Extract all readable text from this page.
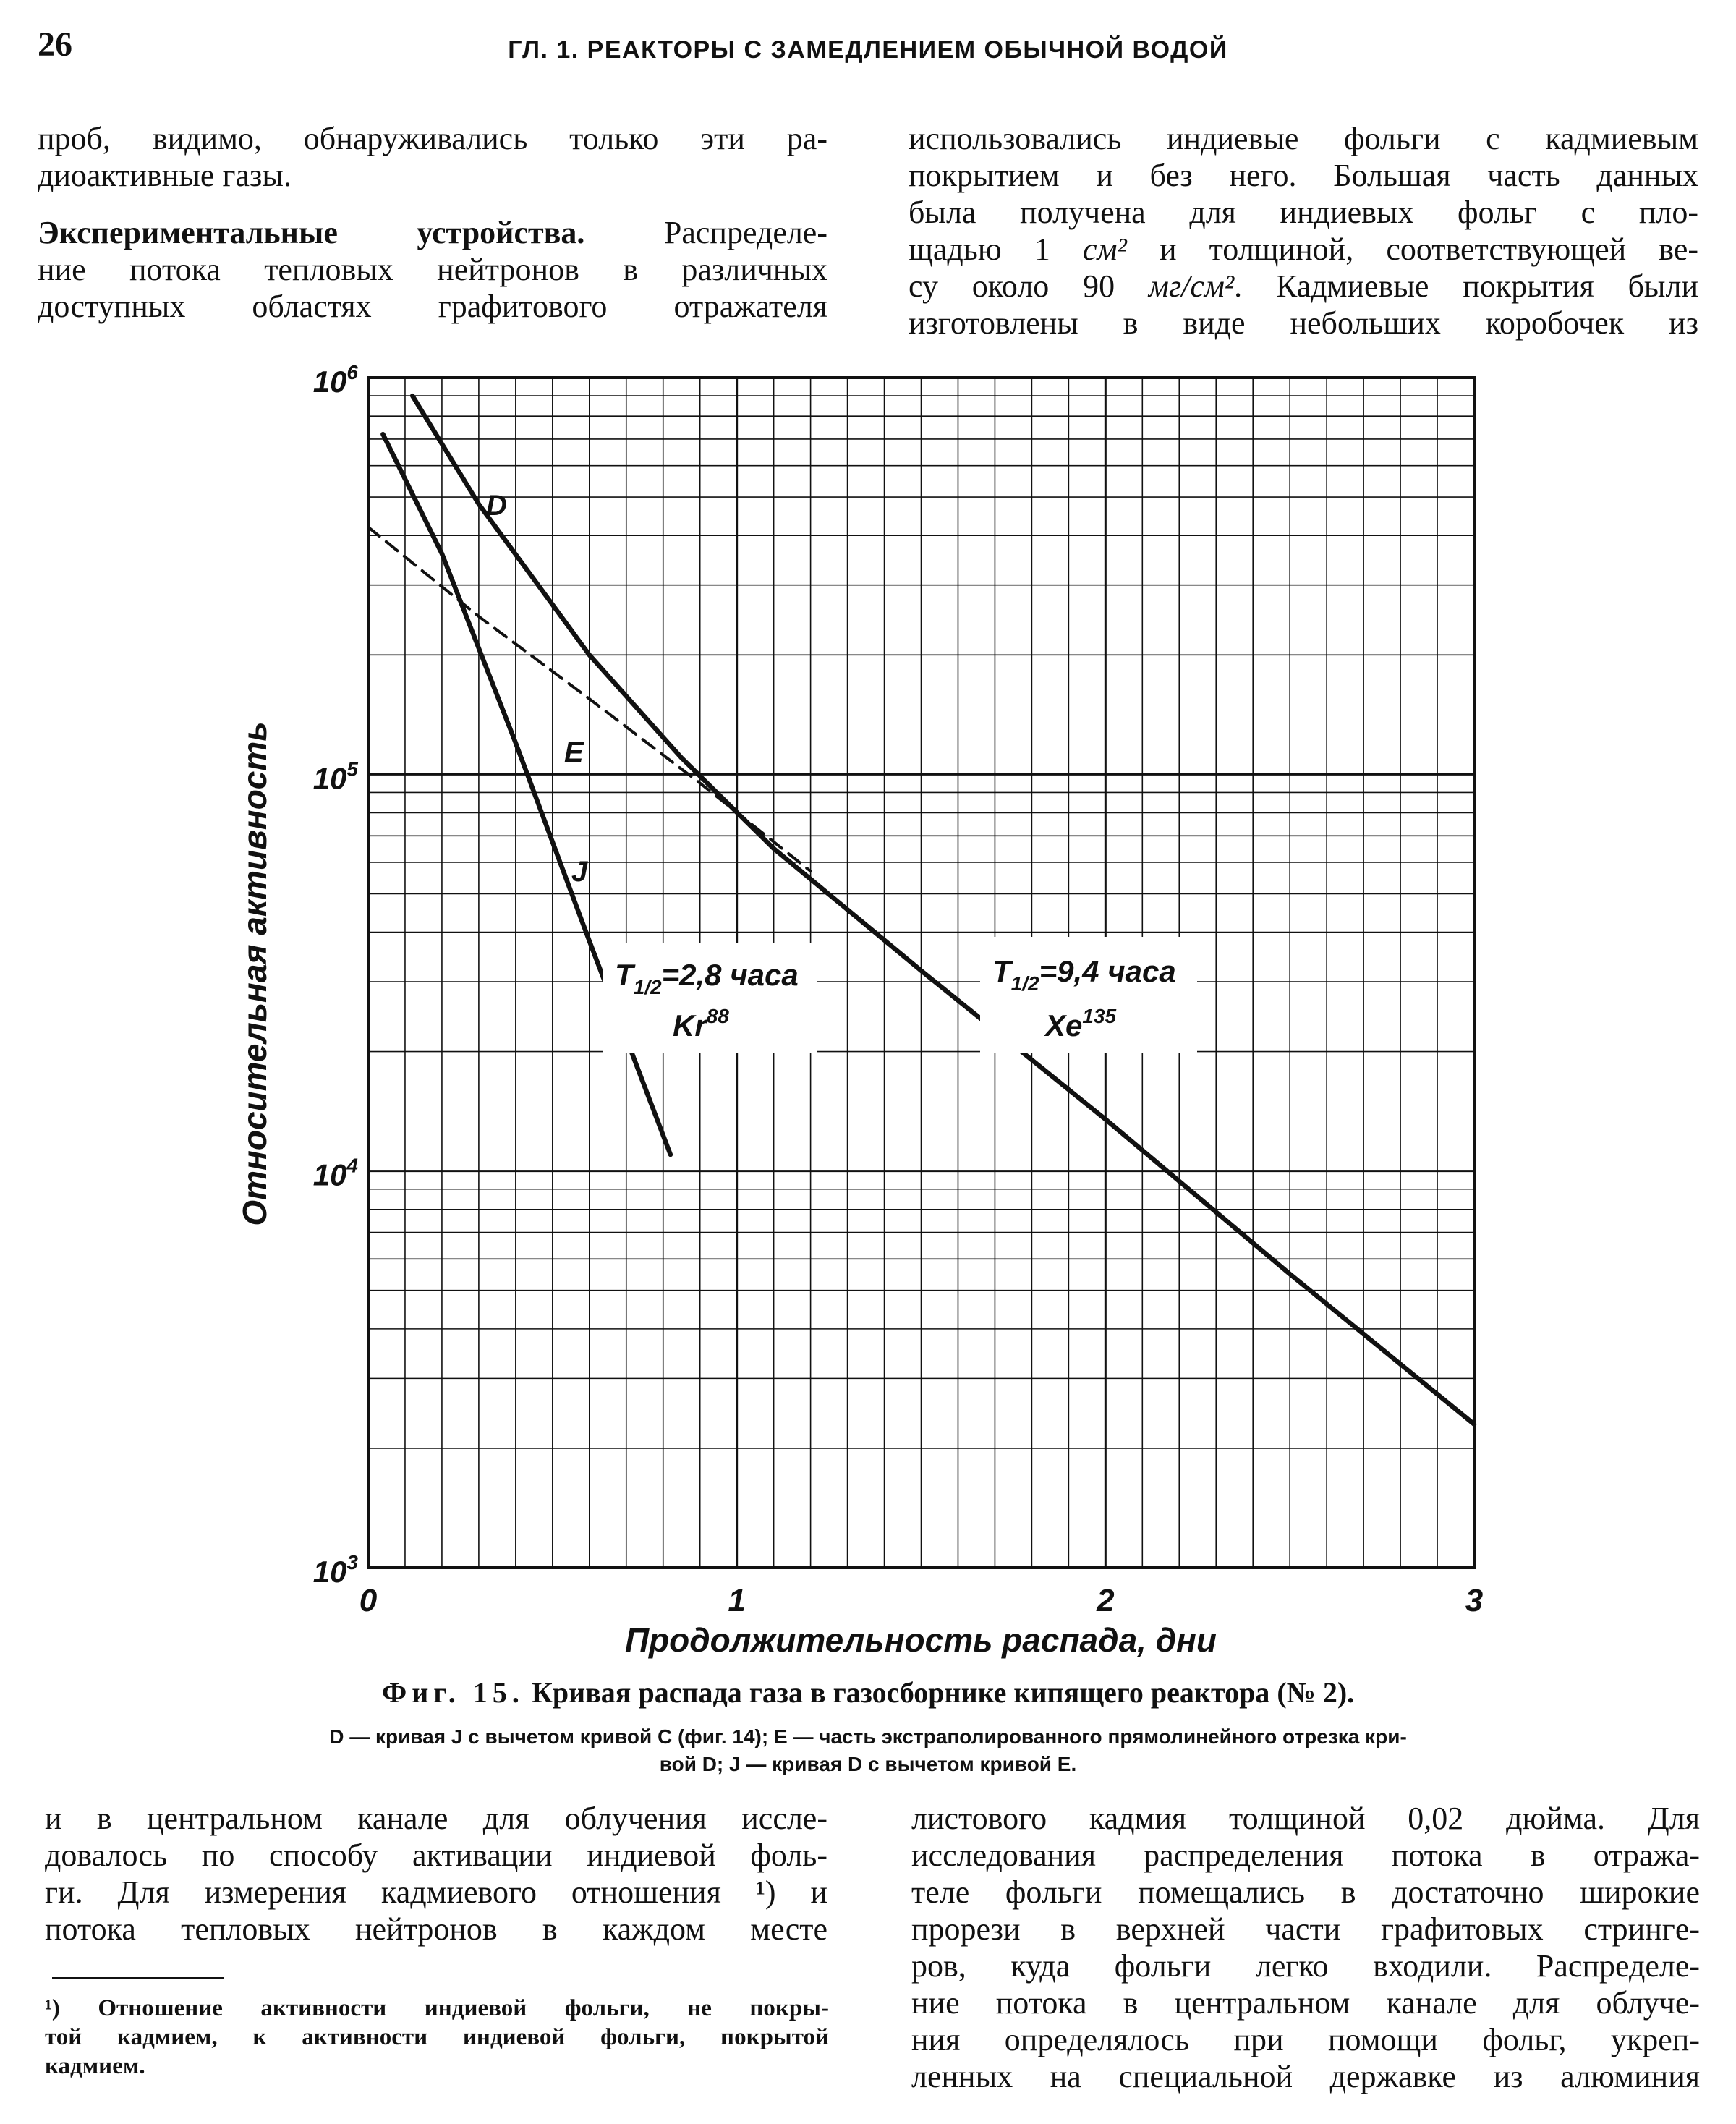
26	ГЛ. 1. РЕАКТОРЫ С ЗАМЕДЛЕНИЕМ ОБЫЧНОЙ ВОДОЙ
проб, видимо, обнаруживались только эти ра-
диоактивные газы.
Экспериментальные устройства. Распределе-
ние потока тепловых нейтронов в различных
доступных областях графитового отражателя
использовались индиевые фольги с кадмиевым
покрытием и без него. Большая часть данных
была получена для индиевых фольг с пло-
щадью 1 см² и толщиной, соответствующей ве-
су около 90 мг/см². Кадмиевые покрытия были
изготовлены в виде небольших коробочек из
0	1	2	3
$10^3$
$10^4$
$10^5$
$10^6$
D
E
J
$T_{1/2}=2,8$ часа
Kr$^{88}$
$T_{1/2}=9,4$ часа
Xe$^{135}$
Относительная активность
Продолжительность распада, дни
Фиг. 15. Кривая распада газа в газосборнике кипящего реактора (№ 2).
D — кривая J с вычетом кривой C (фиг. 14); E — часть экстраполированного прямолинейного отрезка кри-
вой D; J — кривая D с вычетом кривой E.
и в центральном канале для облучения иссле-
довалось по способу активации индиевой фоль-
ги. Для измерения кадмиевого отношения ¹) и
потока тепловых нейтронов в каждом месте
¹) Отношение активности индиевой фольги, не покры-
той кадмием, к активности индиевой фольги, покрытой
кадмием.
листового кадмия толщиной 0,02 дюйма. Для
исследования распределения потока в отража-
теле фольги помещались в достаточно широкие
прорези в верхней части графитовых стрингe-
ров, куда фольги легко входили. Распределе-
ние потока в центральном канале для облуче-
ния определялось при помощи фольг, укреп-
ленных на специальной державке из алюминия
